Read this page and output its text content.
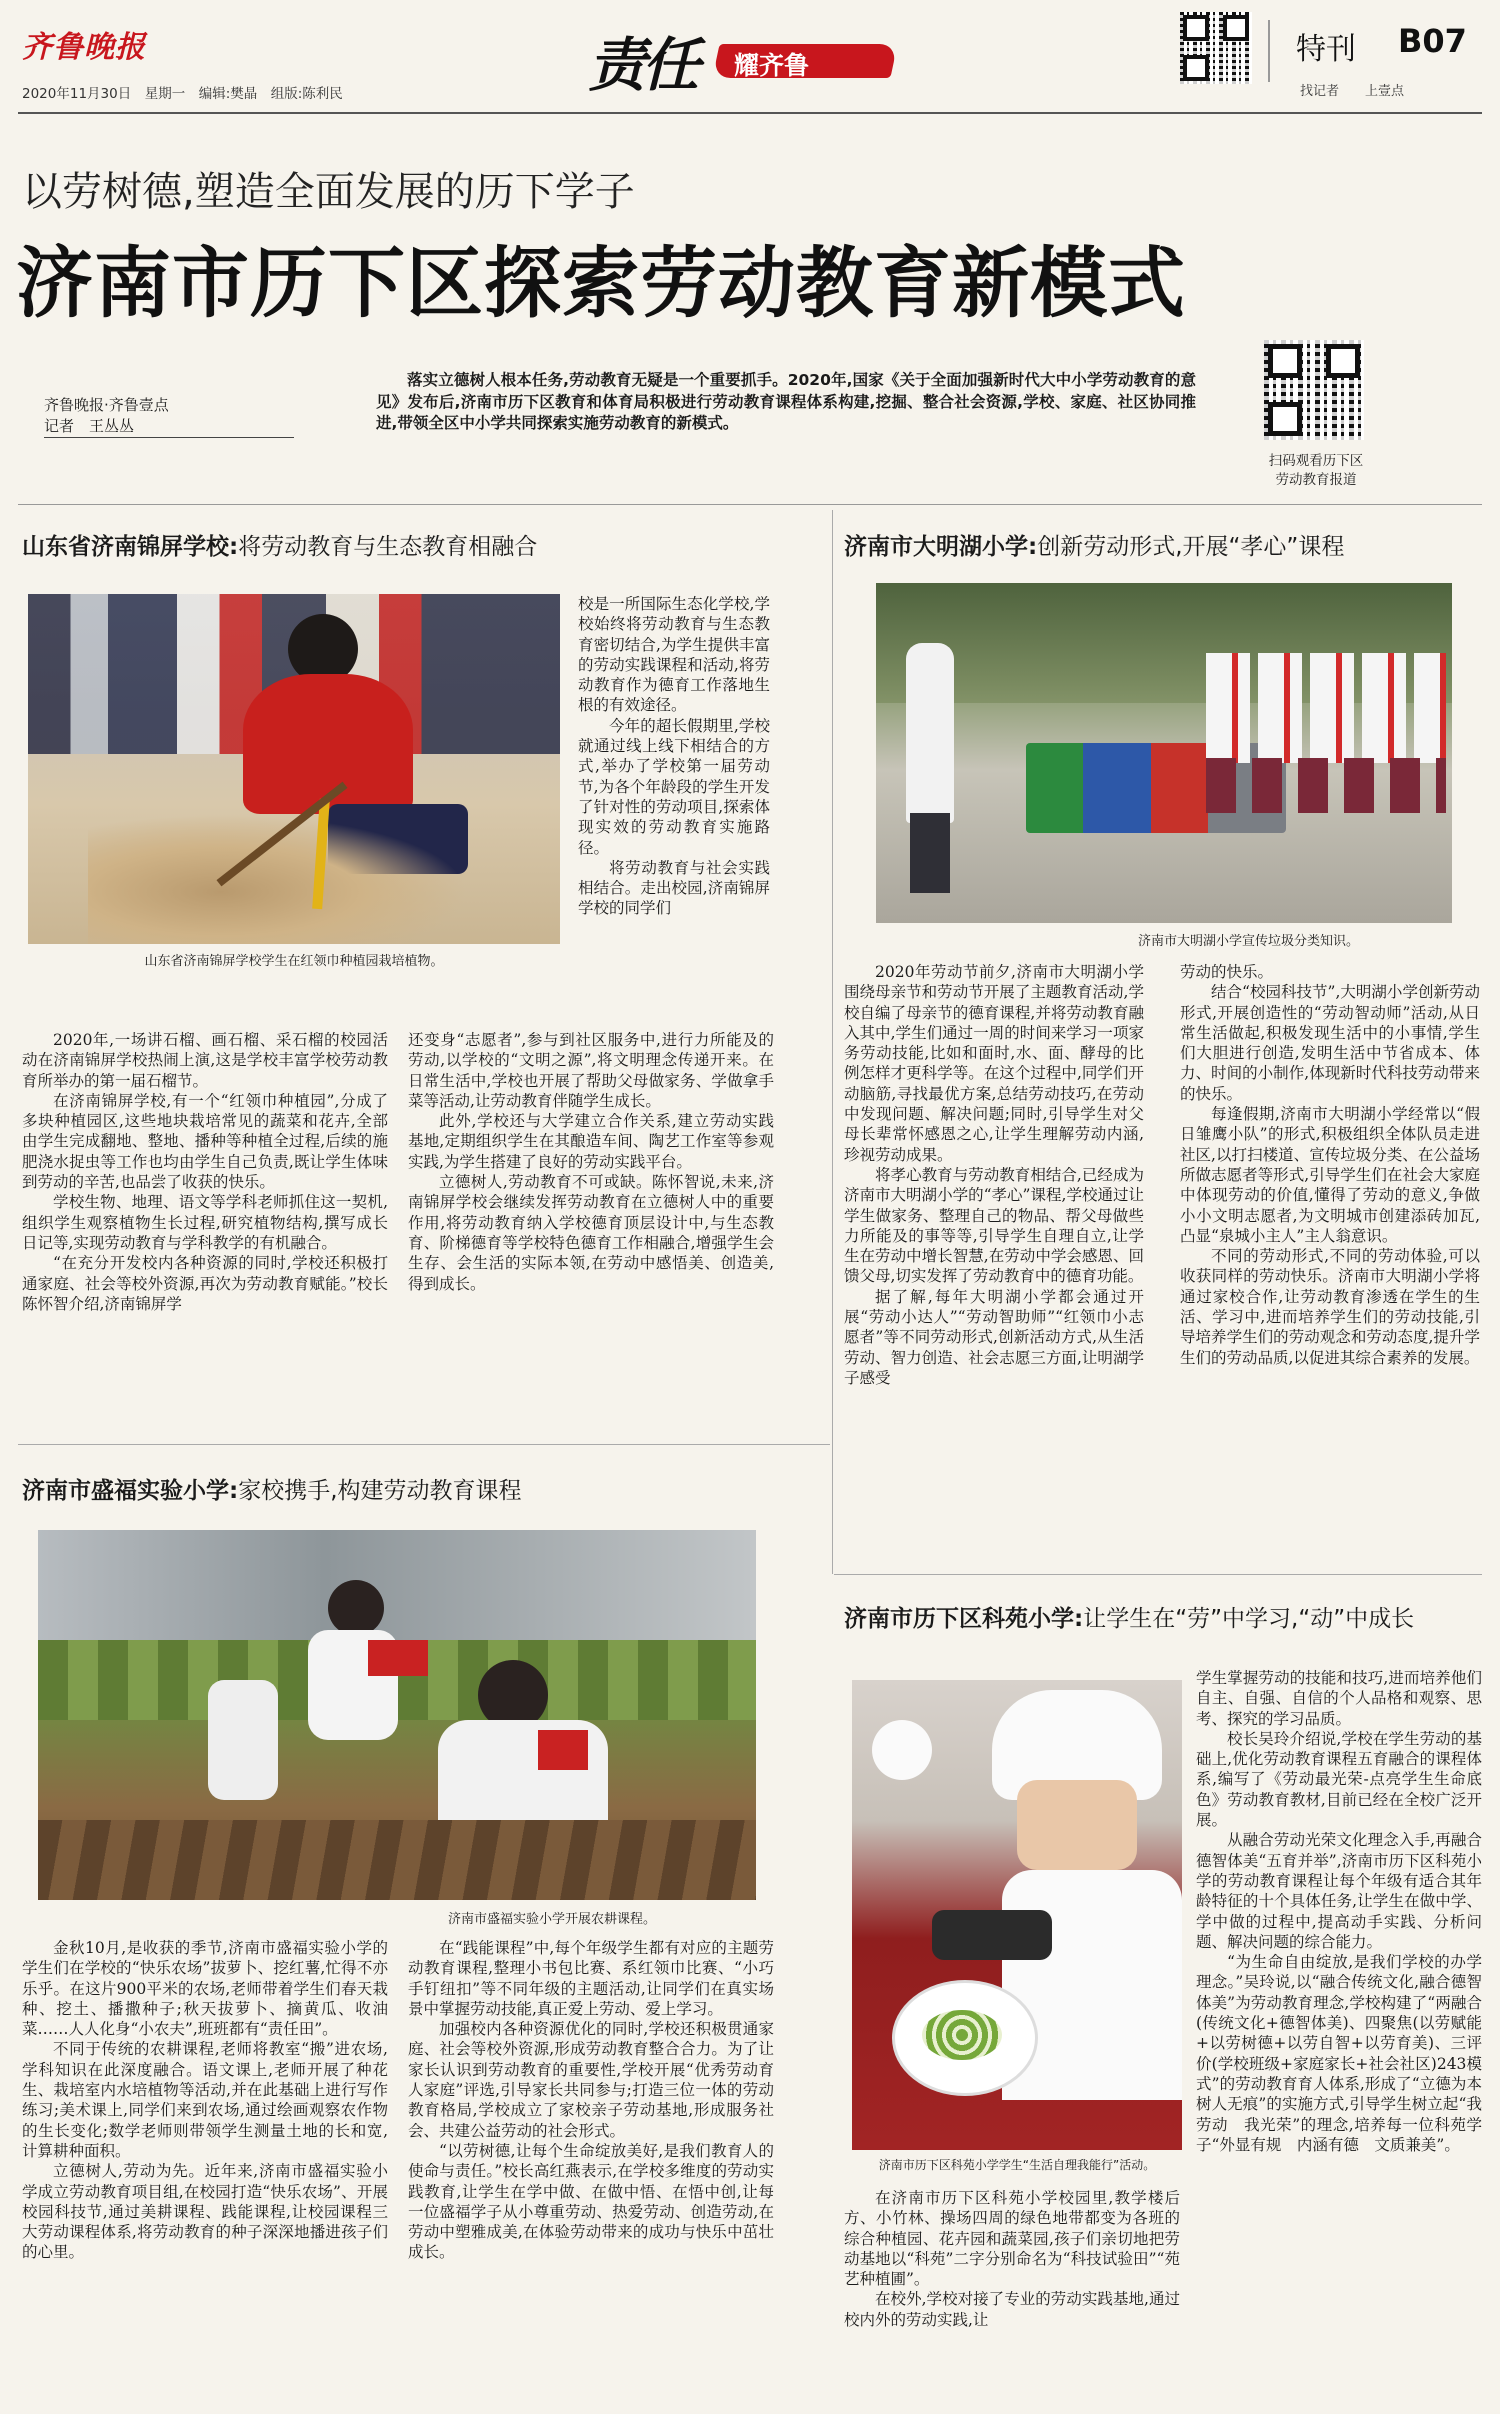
齐鲁晚报
2020年11月30日　星期一　编辑:樊晶　组版:陈利民	责任 耀齐鲁	特刊 B07
找记者　　上壹点
以劳树德,塑造全面发展的历下学子
济南市历下区探索劳动教育新模式
齐鲁晚报·齐鲁壹点
记者　王丛丛
落实立德树人根本任务,劳动教育无疑是一个重要抓手。2020年,国家《关于全面加强新时代大中小学劳动教育的意见》发布后,济南市历下区教育和体育局积极进行劳动教育课程体系构建,挖掘、整合社会资源,学校、家庭、社区协同推进,带领全区中小学共同探索实施劳动教育的新模式。
扫码观看历下区
劳动教育报道
山东省济南锦屏学校:将劳动教育与生态教育相融合
山东省济南锦屏学校学生在红领巾种植园栽培植物。

校是一所国际生态化学校,学校始终将劳动教育与生态教育密切结合,为学生提供丰富的劳动实践课程和活动,将劳动教育作为德育工作落地生根的有效途径。

今年的超长假期里,学校就通过线上线下相结合的方式,举办了学校第一届劳动节,为各个年龄段的学生开发了针对性的劳动项目,探索体现实效的劳动教育实施路径。

将劳动教育与社会实践相结合。走出校园,济南锦屏学校的同学们

2020年,一场讲石榴、画石榴、采石榴的校园活动在济南锦屏学校热闹上演,这是学校丰富学校劳动教育所举办的第一届石榴节。

在济南锦屏学校,有一个“红领巾种植园”,分成了多块种植园区,这些地块栽培常见的蔬菜和花卉,全部由学生完成翻地、整地、播种等种植全过程,后续的施肥浇水捉虫等工作也均由学生自己负责,既让学生体味到劳动的辛苦,也品尝了收获的快乐。

学校生物、地理、语文等学科老师抓住这一契机,组织学生观察植物生长过程,研究植物结构,撰写成长日记等,实现劳动教育与学科教学的有机融合。

“在充分开发校内各种资源的同时,学校还积极打通家庭、社会等校外资源,再次为劳动教育赋能。”校长陈怀智介绍,济南锦屏学

还变身“志愿者”,参与到社区服务中,进行力所能及的劳动,以学校的“文明之源”,将文明理念传递开来。在日常生活中,学校也开展了帮助父母做家务、学做拿手菜等活动,让劳动教育伴随学生成长。

此外,学校还与大学建立合作关系,建立劳动实践基地,定期组织学生在其酿造车间、陶艺工作室等参观实践,为学生搭建了良好的劳动实践平台。

立德树人,劳动教育不可或缺。陈怀智说,未来,济南锦屏学校会继续发挥劳动教育在立德树人中的重要作用,将劳动教育纳入学校德育顶层设计中,与生态教育、阶梯德育等学校特色德育工作相融合,增强学生会生存、会生活的实际本领,在劳动中感悟美、创造美,得到成长。

济南市大明湖小学:创新劳动形式,开展“孝心”课程
济南市大明湖小学宣传垃圾分类知识。

2020年劳动节前夕,济南市大明湖小学围绕母亲节和劳动节开展了主题教育活动,学校自编了母亲节的德育课程,并将劳动教育融入其中,学生们通过一周的时间来学习一项家务劳动技能,比如和面时,水、面、酵母的比例怎样才更科学等。在这个过程中,同学们开动脑筋,寻找最优方案,总结劳动技巧,在劳动中发现问题、解决问题;同时,引导学生对父母长辈常怀感恩之心,让学生理解劳动内涵,珍视劳动成果。

将孝心教育与劳动教育相结合,已经成为济南市大明湖小学的“孝心”课程,学校通过让学生做家务、整理自己的物品、帮父母做些力所能及的事等等,引导学生自理自立,让学生在劳动中增长智慧,在劳动中学会感恩、回馈父母,切实发挥了劳动教育中的德育功能。

据了解,每年大明湖小学都会通过开展“劳动小达人”“劳动智助师”“红领巾小志愿者”等不同劳动形式,创新活动方式,从生活劳动、智力创造、社会志愿三方面,让明湖学子感受

劳动的快乐。

结合“校园科技节”,大明湖小学创新劳动形式,开展创造性的“劳动智动师”活动,从日常生活做起,积极发现生活中的小事情,学生们大胆进行创造,发明生活中节省成本、体力、时间的小制作,体现新时代科技劳动带来的快乐。

每逢假期,济南市大明湖小学经常以“假日雏鹰小队”的形式,积极组织全体队员走进社区,以打扫楼道、宣传垃圾分类、在公益场所做志愿者等形式,引导学生们在社会大家庭中体现劳动的价值,懂得了劳动的意义,争做小小文明志愿者,为文明城市创建添砖加瓦,凸显“泉城小主人”主人翁意识。

不同的劳动形式,不同的劳动体验,可以收获同样的劳动快乐。济南市大明湖小学将通过家校合作,让劳动教育渗透在学生的生活、学习中,进而培养学生们的劳动技能,引导培养学生们的劳动观念和劳动态度,提升学生们的劳动品质,以促进其综合素养的发展。

济南市盛福实验小学:家校携手,构建劳动教育课程
济南市盛福实验小学开展农耕课程。

金秋10月,是收获的季节,济南市盛福实验小学的学生们在学校的“快乐农场”拔萝卜、挖红薯,忙得不亦乐乎。在这片900平米的农场,老师带着学生们春天栽种、挖土、播撒种子;秋天拔萝卜、摘黄瓜、收油菜……人人化身“小农夫”,班班都有“责任田”。

不同于传统的农耕课程,老师将教室“搬”进农场,学科知识在此深度融合。语文课上,老师开展了种花生、栽培室内水培植物等活动,并在此基础上进行写作练习;美术课上,同学们来到农场,通过绘画观察农作物的生长变化;数学老师则带领学生测量土地的长和宽,计算耕种面积。

立德树人,劳动为先。近年来,济南市盛福实验小学成立劳动教育项目组,在校园打造“快乐农场”、开展校园科技节,通过美耕课程、践能课程,让校园课程三大劳动课程体系,将劳动教育的种子深深地播进孩子们的心里。

在“践能课程”中,每个年级学生都有对应的主题劳动教育课程,整理小书包比赛、系红领巾比赛、“小巧手钉纽扣”等不同年级的主题活动,让同学们在真实场景中掌握劳动技能,真正爱上劳动、爱上学习。

加强校内各种资源优化的同时,学校还积极贯通家庭、社会等校外资源,形成劳动教育整合合力。为了让家长认识到劳动教育的重要性,学校开展“优秀劳动育人家庭”评选,引导家长共同参与;打造三位一体的劳动教育格局,学校成立了家校亲子劳动基地,形成服务社会、共建公益劳动的社会形式。

“以劳树德,让每个生命绽放美好,是我们教育人的使命与责任。”校长高红燕表示,在学校多维度的劳动实践教育,让学生在学中做、在做中悟、在悟中创,让每一位盛福学子从小尊重劳动、热爱劳动、创造劳动,在劳动中塑雅成美,在体验劳动带来的成功与快乐中茁壮成长。

济南市历下区科苑小学:让学生在“劳”中学习,“动”中成长
济南市历下区科苑小学学生“生活自理我能行”活动。

学生掌握劳动的技能和技巧,进而培养他们自主、自强、自信的个人品格和观察、思考、探究的学习品质。

校长吴玲介绍说,学校在学生劳动的基础上,优化劳动教育课程五育融合的课程体系,编写了《劳动最光荣-点亮学生生命底色》劳动教育教材,目前已经在全校广泛开展。

从融合劳动光荣文化理念入手,再融合德智体美“五育并举”,济南市历下区科苑小学的劳动教育课程让每个年级有适合其年龄特征的十个具体任务,让学生在做中学、学中做的过程中,提高动手实践、分析问题、解决问题的综合能力。

“为生命自由绽放,是我们学校的办学理念。”吴玲说,以“融合传统文化,融合德智体美”为劳动教育理念,学校构建了“两融合(传统文化+德智体美)、四聚焦(以劳赋能+以劳树德+以劳自智+以劳育美)、三评价(学校班级+家庭家长+社会社区)243模式”的劳动教育育人体系,形成了“立德为本　树人无痕”的实施方式,引导学生树立起“我劳动　我光荣”的理念,培养每一位科苑学子“外显有规　内涵有德　文质兼美”。

在济南市历下区科苑小学校园里,教学楼后方、小竹林、操场四周的绿色地带都变为各班的综合种植园、花卉园和蔬菜园,孩子们亲切地把劳动基地以“科苑”二字分别命名为“科技试验田”“苑艺种植圃”。

在校外,学校对接了专业的劳动实践基地,通过校内外的劳动实践,让
